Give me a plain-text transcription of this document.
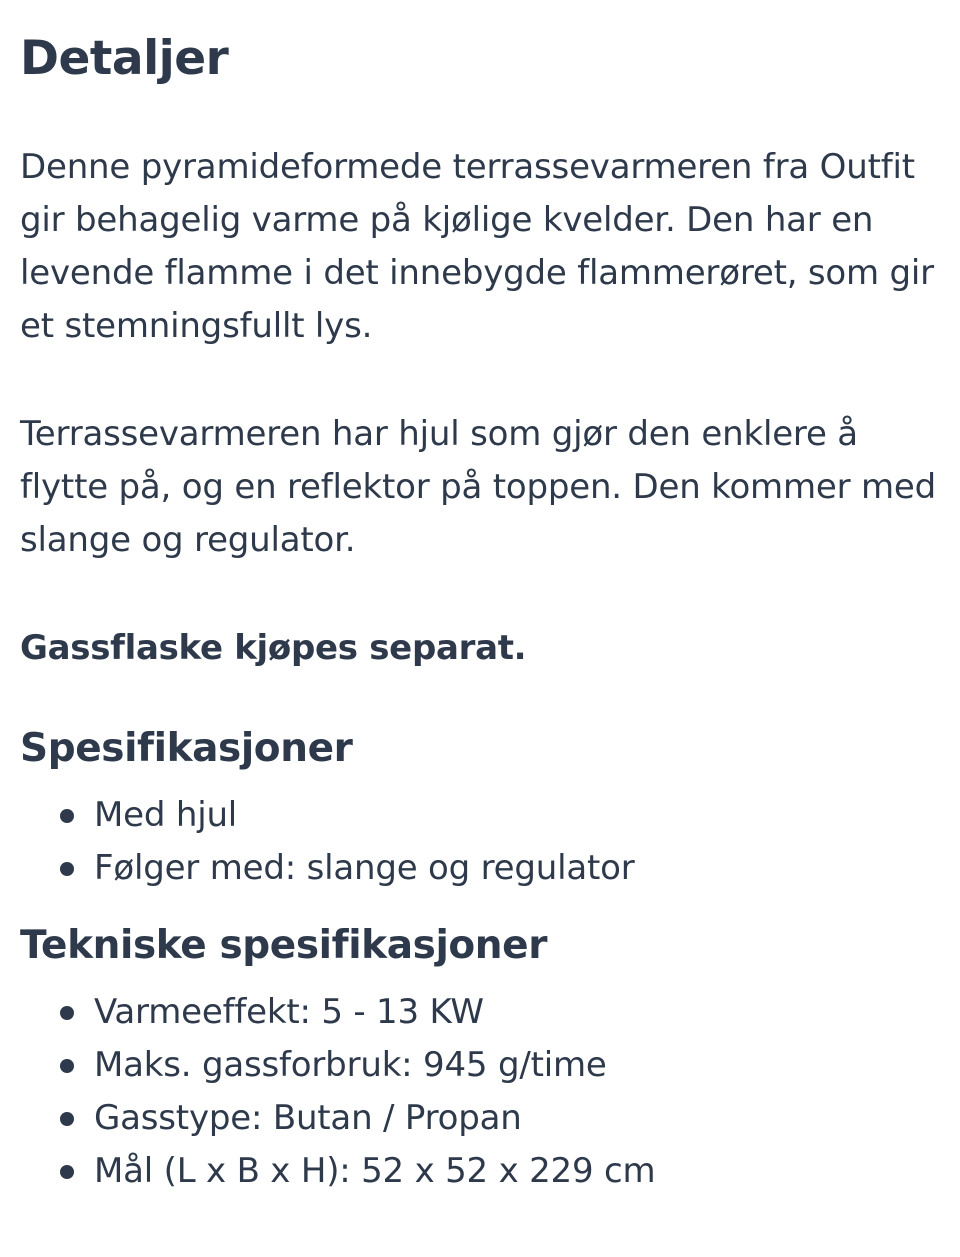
Detaljer

Denne pyramideformede terrassevarmeren fra Outfit gir behagelig varme på kjølige kvelder. Den har en levende flamme i det innebygde flammerøret, som gir et stemningsfullt lys.

Terrassevarmeren har hjul som gjør den enklere å flytte på, og en reflektor på toppen. Den kommer med slange og regulator.

Gassflaske kjøpes separat.

Spesifikasjoner
Med hjul
Følger med: slange og regulator
Tekniske spesifikasjoner
Varmeeffekt: 5 - 13 KW
Maks. gassforbruk: 945 g/time
Gasstype: Butan / Propan
Mål (L x B x H): 52 x 52 x 229 cm
